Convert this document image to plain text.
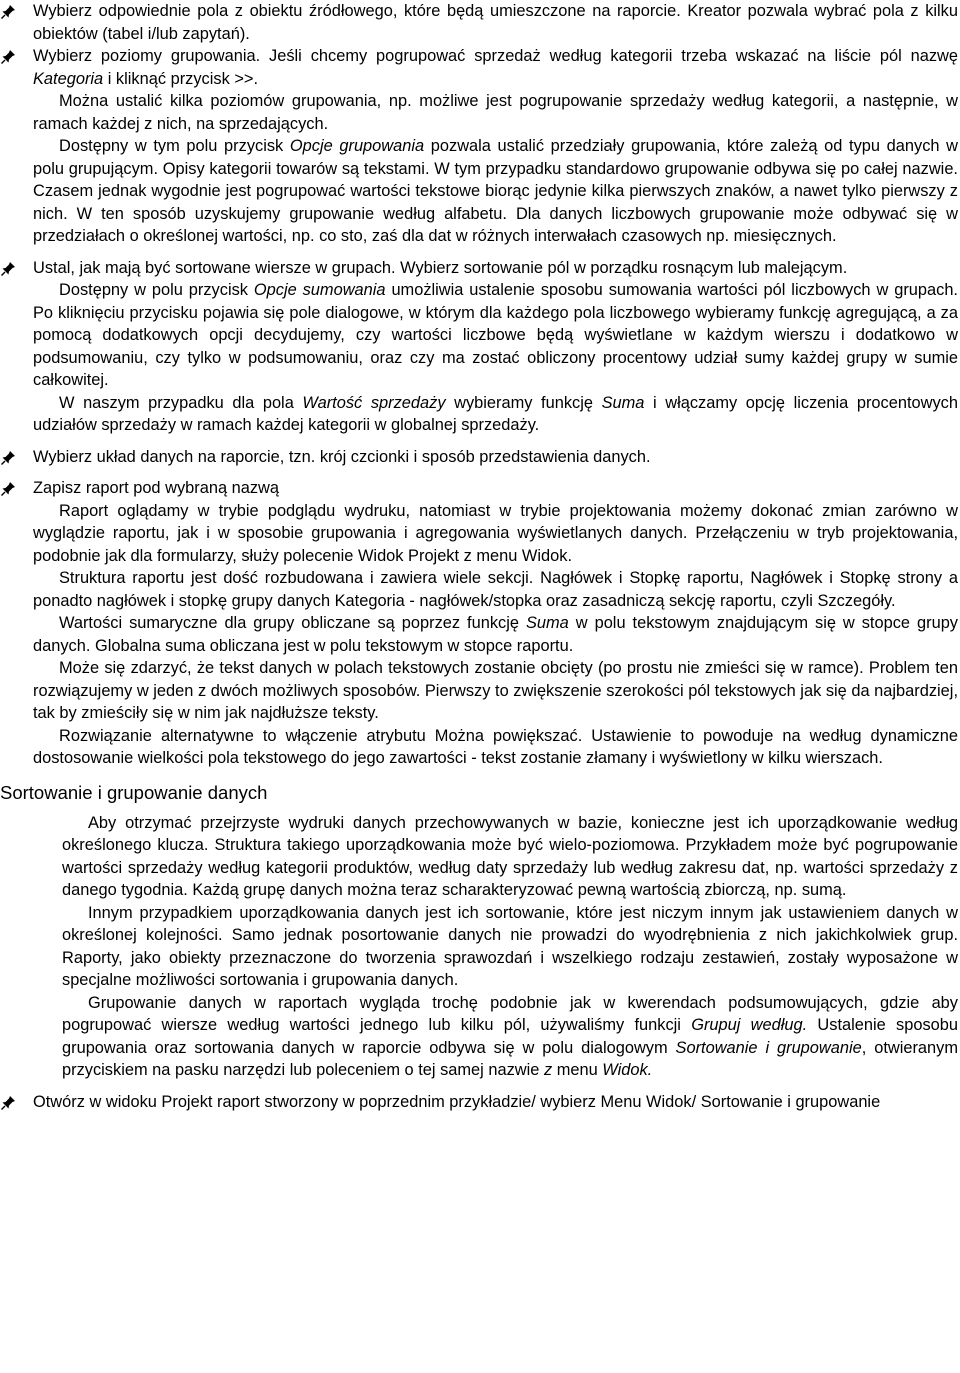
Wybierz odpowiednie pola z obiektu źródłowego, które będą umieszczone na raporcie. Kreator pozwala wybrać pola z kilku obiektów (tabel i/lub zapytań).

Wybierz poziomy grupowania. Jeśli chcemy pogrupować sprzedaż według kategorii trzeba wskazać na liście pól nazwę Kategoria i kliknąć przycisk >>.

Można ustalić kilka poziomów grupowania, np. możliwe jest pogrupowanie sprzedaży według kategorii, a następnie, w ramach każdej z nich, na sprzedających.

Dostępny w tym polu przycisk Opcje grupowania pozwala ustalić przedziały grupowania, które zależą od typu danych w polu grupującym. Opisy kategorii towarów są tekstami. W tym przypadku standardowo grupowanie odbywa się po całej nazwie. Czasem jednak wygodnie jest pogrupować wartości tekstowe biorąc jedynie kilka pierwszych znaków, a nawet tylko pierwszy z nich. W ten sposób uzyskujemy grupowanie według alfabetu. Dla danych liczbowych grupowanie może odbywać się w przedziałach o określonej wartości, np. co sto, zaś dla dat w różnych interwałach czasowych np. miesięcznych.

Ustal, jak mają być sortowane wiersze w grupach. Wybierz sortowanie pól w porządku rosnącym lub malejącym.

Dostępny w polu przycisk Opcje sumowania umożliwia ustalenie sposobu sumowania wartości pól liczbowych w grupach. Po kliknięciu przycisku pojawia się pole dialogowe, w którym dla każdego pola liczbowego wybieramy funkcję agregującą, a za pomocą dodatkowych opcji decydujemy, czy wartości liczbowe będą wyświetlane w każdym wierszu i dodatkowo w podsumowaniu, czy tylko w podsumowaniu, oraz czy ma zostać obliczony procentowy udział sumy każdej grupy w sumie całkowitej.

W naszym przypadku dla pola Wartość sprzedaży wybieramy funkcję Suma i włączamy opcję liczenia procentowych udziałów sprzedaży w ramach każdej kategorii w globalnej sprzedaży.

Wybierz układ danych na raporcie, tzn. krój czcionki i sposób przedstawienia danych.

Zapisz raport pod wybraną nazwą

Raport oglądamy w trybie podglądu wydruku, natomiast w trybie projektowania możemy dokonać zmian zarówno w wyglądzie raportu, jak i w sposobie grupowania i agregowania wyświetlanych danych. Przełączeniu w tryb projektowania, podobnie jak dla formularzy, służy polecenie Widok Projekt z menu Widok.

Struktura raportu jest dość rozbudowana i zawiera wiele sekcji. Nagłówek i Stopkę raportu, Nagłówek i Stopkę strony a ponadto nagłówek i stopkę grupy danych Kategoria - nagłówek/stopka oraz zasadniczą sekcję raportu, czyli Szczegóły.

Wartości sumaryczne dla grupy obliczane są poprzez funkcję Suma w polu tekstowym znajdującym się w stopce grupy danych. Globalna suma obliczana jest w polu tekstowym w stopce raportu.

Może się zdarzyć, że tekst danych w polach tekstowych zostanie obcięty (po prostu nie zmieści się w ramce). Problem ten rozwiązujemy w jeden z dwóch możliwych sposobów. Pierwszy to zwiększenie szerokości pól tekstowych jak się da najbardziej, tak by zmieściły się w nim jak najdłuższe teksty.

Rozwiązanie alternatywne to włączenie atrybutu Można powiększać. Ustawienie to powoduje na według dynamiczne dostosowanie wielkości pola tekstowego do jego zawartości - tekst zostanie złamany i wyświetlony w kilku wierszach.

Sortowanie i grupowanie danych

Aby otrzymać przejrzyste wydruki danych przechowywanych w bazie, konieczne jest ich uporządkowanie według określonego klucza. Struktura takiego uporządkowania może być wielo-poziomowa. Przykładem może być pogrupowanie wartości sprzedaży według kategorii produktów, według daty sprzedaży lub według zakresu dat, np. wartości sprzedaży z danego tygodnia. Każdą grupę danych można teraz scharakteryzować pewną wartością zbiorczą, np. sumą.

Innym przypadkiem uporządkowania danych jest ich sortowanie, które jest niczym innym jak ustawieniem danych w określonej kolejności. Samo jednak posortowanie danych nie prowadzi do wyodrębnienia z nich jakichkolwiek grup. Raporty, jako obiekty przeznaczone do tworzenia sprawozdań i wszelkiego rodzaju zestawień, zostały wyposażone w specjalne możliwości sortowania i grupowania danych.

Grupowanie danych w raportach wygląda trochę podobnie jak w kwerendach podsumowujących, gdzie aby pogrupować wiersze według wartości jednego lub kilku pól, używaliśmy funkcji Grupuj według. Ustalenie sposobu grupowania oraz sortowania danych w raporcie odbywa się w polu dialogowym Sortowanie i grupowanie, otwieranym przyciskiem na pasku narzędzi lub poleceniem o tej samej nazwie z menu Widok.

Otwórz w widoku Projekt raport stworzony w poprzednim przykładzie/ wybierz Menu Widok/ Sortowanie i grupowanie
